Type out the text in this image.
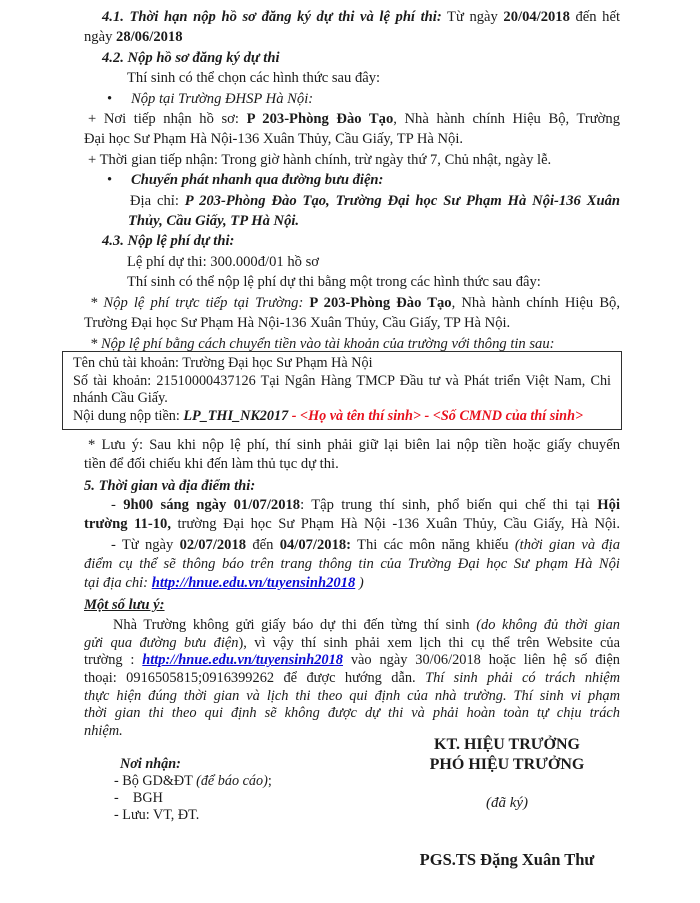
4.1. Thời hạn nộp hồ sơ đăng ký dự thi và lệ phí thi: Từ ngày 20/04/2018 đến hết
ngày 28/06/2018
4.2. Nộp hồ sơ đăng ký dự thi
Thí sinh có thể chọn các hình thức sau đây:
• Nộp tại Trường ĐHSP Hà Nội:
+ Nơi tiếp nhận hồ sơ: P 203-Phòng Đào Tạo, Nhà hành chính Hiệu Bộ, Trường
Đại học Sư Phạm Hà Nội-136 Xuân Thủy, Cầu Giấy, TP Hà Nội.
+ Thời gian tiếp nhận: Trong giờ hành chính, trừ ngày thứ 7, Chủ nhật, ngày lễ.
• Chuyển phát nhanh qua đường bưu điện:
Địa chỉ: P 203-Phòng Đào Tạo, Trường Đại học Sư Phạm Hà Nội-136 Xuân
Thủy, Cầu Giấy, TP Hà Nội.
4.3. Nộp lệ phí dự thi:
Lệ phí dự thi: 300.000đ/01 hồ sơ
Thí sinh có thể nộp lệ phí dự thi bằng một trong các hình thức sau đây:
* Nộp lệ phí trực tiếp tại Trường: P 203-Phòng Đào Tạo, Nhà hành chính Hiệu Bộ,
Trường Đại học Sư Phạm Hà Nội-136 Xuân Thủy, Cầu Giấy, TP Hà Nội.
* Nộp lệ phí bằng cách chuyển tiền vào tài khoản của trường với thông tin sau:
Tên chủ tài khoản: Trường Đại học Sư Phạm Hà Nội
Số tài khoản: 21510000437126 Tại Ngân Hàng TMCP Đầu tư và Phát triển Việt Nam, Chi
nhánh Cầu Giấy.
Nội dung nộp tiền: LP_THI_NK2017 - <Họ và tên thí sinh> - <Số CMND của thí sinh>
* Lưu ý: Sau khi nộp lệ phí, thí sinh phải giữ lại biên lai nộp tiền hoặc giấy chuyển
tiền để đối chiếu khi đến làm thủ tục dự thi.
5. Thời gian và địa điểm thi:
- 9h00 sáng ngày 01/07/2018: Tập trung thí sinh, phổ biến qui chế thi tại Hội
trường 11-10, trường Đại học Sư Phạm Hà Nội -136 Xuân Thủy, Cầu Giấy, Hà Nội.
- Từ ngày 02/07/2018 đến 04/07/2018: Thi các môn năng khiếu (thời gian và địa
điểm cụ thể sẽ thông báo trên trang thông tin của Trường Đại học Sư phạm Hà Nội
tại địa chỉ: http://hnue.edu.vn/tuyensinh2018 )
Một số lưu ý:
Nhà Trường không gửi giấy báo dự thi đến từng thí sinh (do không đủ thời gian
gửi qua đường bưu điện), vì vậy thí sinh phải xem lịch thi cụ thể trên Website của
trường : http://hnue.edu.vn/tuyensinh2018 vào ngày 30/06/2018 hoặc liên hệ số điện
thoại: 0916505815;0916399262 để được hướng dẫn. Thí sinh phải có trách nhiệm
thực hiện đúng thời gian và lịch thi theo qui định của nhà trường. Thí sinh vi phạm
thời gian thi theo qui định sẽ không được dự thi và phải hoàn toàn tự chịu trách
nhiệm.
Nơi nhận:
- Bộ GD&ĐT (để báo cáo);
-    BGH
- Lưu: VT, ĐT.
KT. HIỆU TRƯỞNG
PHÓ HIỆU TRƯỞNG
(đã ký)
PGS.TS Đặng Xuân Thư
